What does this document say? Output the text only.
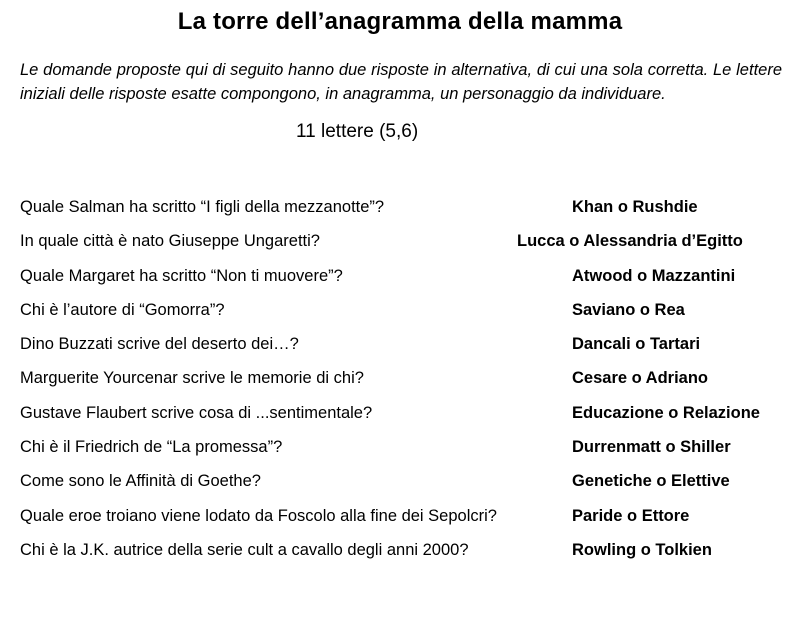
La torre dell’anagramma della mamma
Le domande proposte qui di seguito hanno due risposte in alternativa, di cui una sola corretta. Le lettere iniziali delle risposte esatte compongono, in anagramma, un personaggio da individuare.
11 lettere (5,6)
Quale Salman ha scritto “I figli della mezzanotte”?	Khan o Rushdie
In quale città è nato Giuseppe Ungaretti?	Lucca o Alessandria d’Egitto
Quale Margaret ha scritto “Non ti muovere”?	Atwood o Mazzantini
Chi è l’autore di “Gomorra”?	Saviano o Rea
Dino Buzzati scrive del deserto dei…?	Dancali o Tartari
Marguerite Yourcenar scrive le memorie di chi?	Cesare o Adriano
Gustave Flaubert scrive cosa di ...sentimentale?	Educazione o Relazione
Chi è il Friedrich de “La promessa”?	Durrenmatt o Shiller
Come sono le Affinità di Goethe?	Genetiche o Elettive
Quale eroe troiano viene lodato da Foscolo alla fine dei Sepolcri?	Paride o Ettore
Chi è la J.K. autrice della serie cult a cavallo degli anni 2000?	Rowling o Tolkien
